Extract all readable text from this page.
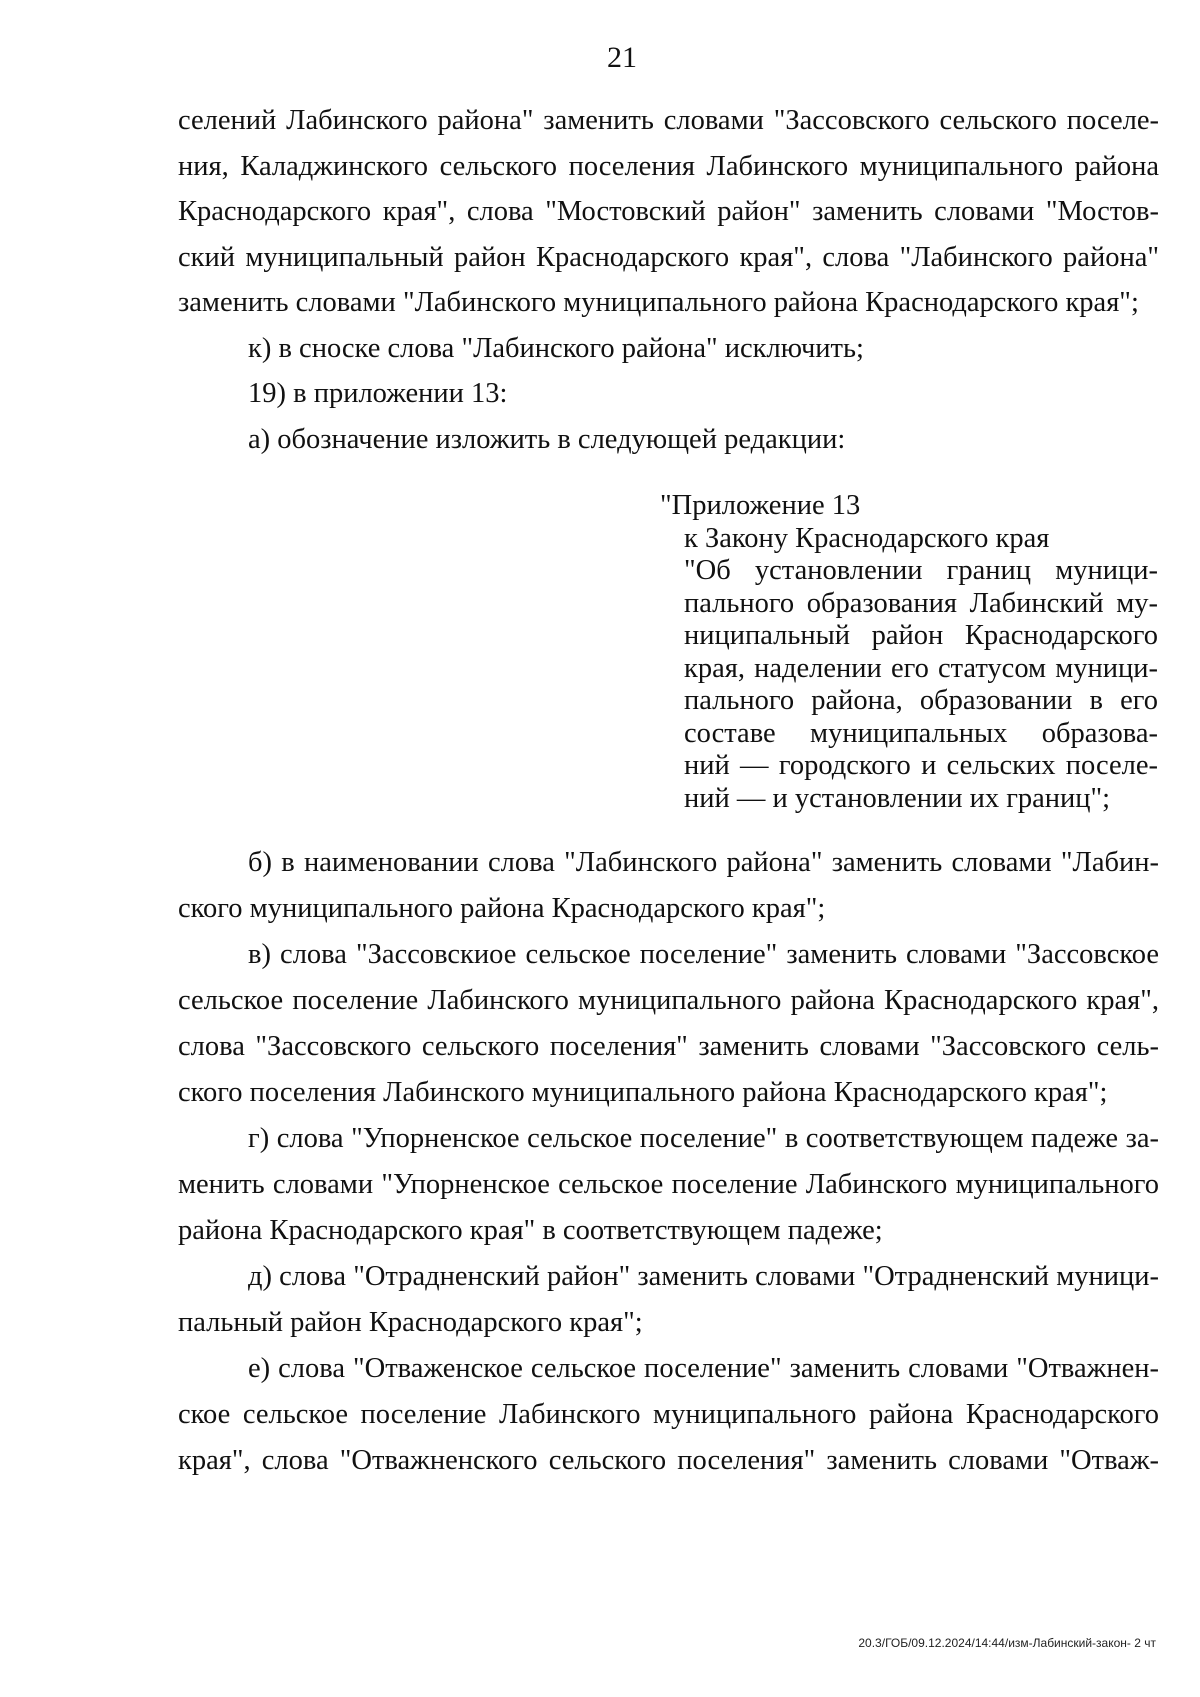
21
селений Лабинского района" заменить словами "Зассовского сельского поселе-
ния, Каладжинского сельского поселения Лабинского муниципального района
Краснодарского края", слова "Мостовский район" заменить словами "Мостов-
ский муниципальный район Краснодарского края", слова "Лабинского района"
заменить словами "Лабинского муниципального района Краснодарского края";
к) в сноске слова "Лабинского района" исключить;
19) в приложении 13:
а) обозначение изложить в следующей редакции:
"Приложение 13
к Закону Краснодарского края
"Об установлении границ муници-
пального образования Лабинский му-
ниципальный район Краснодарского
края, наделении его статусом муници-
пального района, образовании в его
составе муниципальных образова-
ний — городского и сельских поселе-
ний — и установлении их границ";
б) в наименовании слова "Лабинского района" заменить словами "Лабин-
ского муниципального района Краснодарского края";
в) слова "Зассовскиое сельское поселение" заменить словами "Зассовское
сельское поселение Лабинского муниципального района Краснодарского края",
слова "Зассовского сельского поселения" заменить словами "Зассовского сель-
ского поселения Лабинского муниципального района Краснодарского края";
г) слова "Упорненское сельское поселение" в соответствующем падеже за-
менить словами "Упорненское сельское поселение Лабинского муниципального
района Краснодарского края" в соответствующем падеже;
д) слова "Отрадненский район" заменить словами "Отрадненский муници-
пальный район Краснодарского края";
е) слова "Отваженское сельское поселение" заменить словами "Отважнен-
ское сельское поселение Лабинского муниципального района Краснодарского
края", слова "Отважненского сельского поселения" заменить словами "Отваж-
20.3/ГОБ/09.12.2024/14:44/изм-Лабинский-закон- 2 чт
